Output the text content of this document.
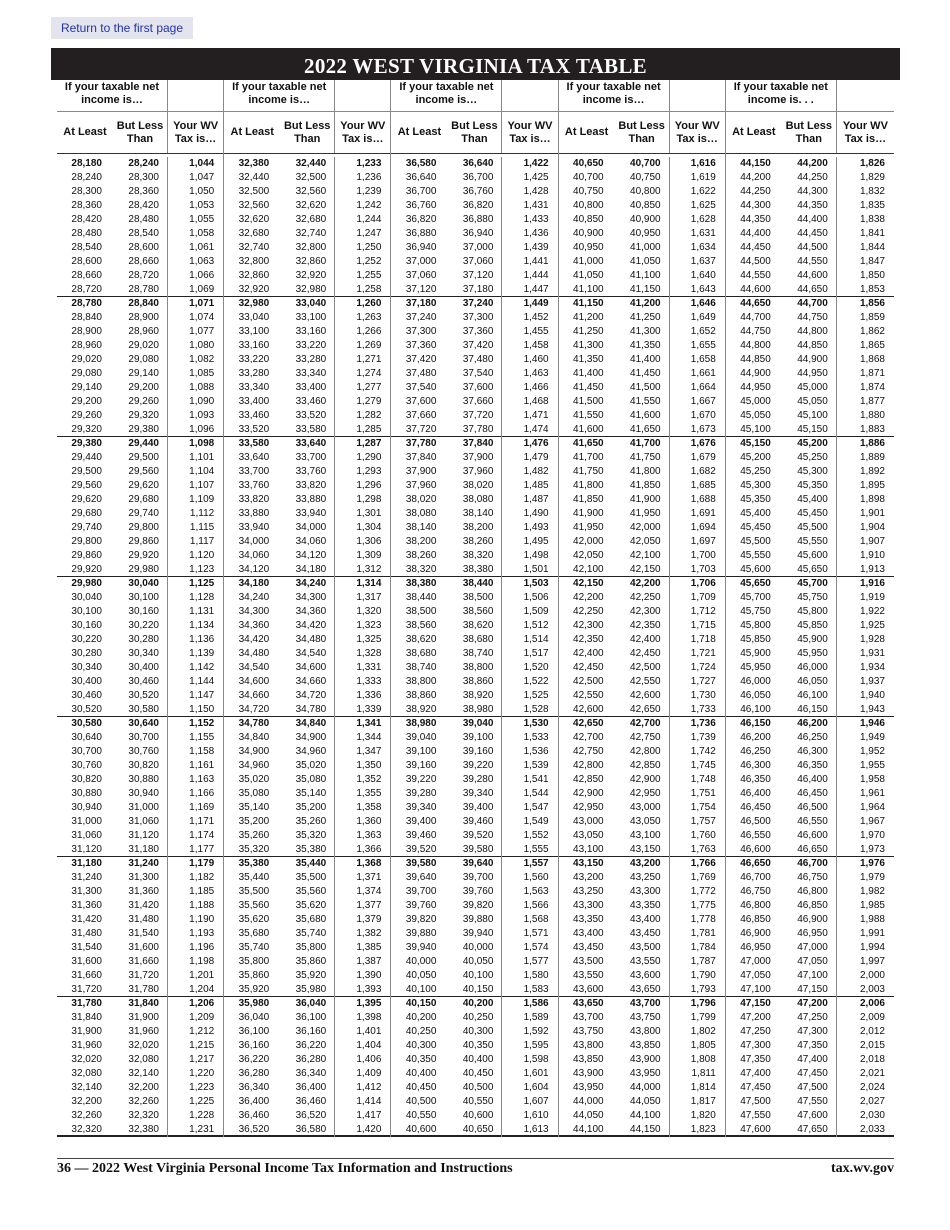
Return to the first page
2022 WEST VIRGINIA TAX TABLE
If your taxable net income is…
At Least
But Less Than
Your WV Tax is…
28,180	28,240	1,044
28,240	28,300	1,047
28,300	28,360	1,050
28,360	28,420	1,053
28,420	28,480	1,055
28,480	28,540	1,058
28,540	28,600	1,061
28,600	28,660	1,063
28,660	28,720	1,066
28,720	28,780	1,069
28,780	28,840	1,071
28,840	28,900	1,074
28,900	28,960	1,077
28,960	29,020	1,080
29,020	29,080	1,082
29,080	29,140	1,085
29,140	29,200	1,088
29,200	29,260	1,090
29,260	29,320	1,093
29,320	29,380	1,096
29,380	29,440	1,098
29,440	29,500	1,101
29,500	29,560	1,104
29,560	29,620	1,107
29,620	29,680	1,109
29,680	29,740	1,112
29,740	29,800	1,115
29,800	29,860	1,117
29,860	29,920	1,120
29,920	29,980	1,123
29,980	30,040	1,125
30,040	30,100	1,128
30,100	30,160	1,131
30,160	30,220	1,134
30,220	30,280	1,136
30,280	30,340	1,139
30,340	30,400	1,142
30,400	30,460	1,144
30,460	30,520	1,147
30,520	30,580	1,150
30,580	30,640	1,152
30,640	30,700	1,155
30,700	30,760	1,158
30,760	30,820	1,161
30,820	30,880	1,163
30,880	30,940	1,166
30,940	31,000	1,169
31,000	31,060	1,171
31,060	31,120	1,174
31,120	31,180	1,177
31,180	31,240	1,179
31,240	31,300	1,182
31,300	31,360	1,185
31,360	31,420	1,188
31,420	31,480	1,190
31,480	31,540	1,193
31,540	31,600	1,196
31,600	31,660	1,198
31,660	31,720	1,201
31,720	31,780	1,204
31,780	31,840	1,206
31,840	31,900	1,209
31,900	31,960	1,212
31,960	32,020	1,215
32,020	32,080	1,217
32,080	32,140	1,220
32,140	32,200	1,223
32,200	32,260	1,225
32,260	32,320	1,228
32,320	32,380	1,231
If your taxable net income is…
At Least
But Less Than
Your WV Tax is…
32,380	32,440	1,233
32,440	32,500	1,236
32,500	32,560	1,239
32,560	32,620	1,242
32,620	32,680	1,244
32,680	32,740	1,247
32,740	32,800	1,250
32,800	32,860	1,252
32,860	32,920	1,255
32,920	32,980	1,258
32,980	33,040	1,260
33,040	33,100	1,263
33,100	33,160	1,266
33,160	33,220	1,269
33,220	33,280	1,271
33,280	33,340	1,274
33,340	33,400	1,277
33,400	33,460	1,279
33,460	33,520	1,282
33,520	33,580	1,285
33,580	33,640	1,287
33,640	33,700	1,290
33,700	33,760	1,293
33,760	33,820	1,296
33,820	33,880	1,298
33,880	33,940	1,301
33,940	34,000	1,304
34,000	34,060	1,306
34,060	34,120	1,309
34,120	34,180	1,312
34,180	34,240	1,314
34,240	34,300	1,317
34,300	34,360	1,320
34,360	34,420	1,323
34,420	34,480	1,325
34,480	34,540	1,328
34,540	34,600	1,331
34,600	34,660	1,333
34,660	34,720	1,336
34,720	34,780	1,339
34,780	34,840	1,341
34,840	34,900	1,344
34,900	34,960	1,347
34,960	35,020	1,350
35,020	35,080	1,352
35,080	35,140	1,355
35,140	35,200	1,358
35,200	35,260	1,360
35,260	35,320	1,363
35,320	35,380	1,366
35,380	35,440	1,368
35,440	35,500	1,371
35,500	35,560	1,374
35,560	35,620	1,377
35,620	35,680	1,379
35,680	35,740	1,382
35,740	35,800	1,385
35,800	35,860	1,387
35,860	35,920	1,390
35,920	35,980	1,393
35,980	36,040	1,395
36,040	36,100	1,398
36,100	36,160	1,401
36,160	36,220	1,404
36,220	36,280	1,406
36,280	36,340	1,409
36,340	36,400	1,412
36,400	36,460	1,414
36,460	36,520	1,417
36,520	36,580	1,420
If your taxable net income is…
At Least
But Less Than
Your WV Tax is…
36,580	36,640	1,422
36,640	36,700	1,425
36,700	36,760	1,428
36,760	36,820	1,431
36,820	36,880	1,433
36,880	36,940	1,436
36,940	37,000	1,439
37,000	37,060	1,441
37,060	37,120	1,444
37,120	37,180	1,447
37,180	37,240	1,449
37,240	37,300	1,452
37,300	37,360	1,455
37,360	37,420	1,458
37,420	37,480	1,460
37,480	37,540	1,463
37,540	37,600	1,466
37,600	37,660	1,468
37,660	37,720	1,471
37,720	37,780	1,474
37,780	37,840	1,476
37,840	37,900	1,479
37,900	37,960	1,482
37,960	38,020	1,485
38,020	38,080	1,487
38,080	38,140	1,490
38,140	38,200	1,493
38,200	38,260	1,495
38,260	38,320	1,498
38,320	38,380	1,501
38,380	38,440	1,503
38,440	38,500	1,506
38,500	38,560	1,509
38,560	38,620	1,512
38,620	38,680	1,514
38,680	38,740	1,517
38,740	38,800	1,520
38,800	38,860	1,522
38,860	38,920	1,525
38,920	38,980	1,528
38,980	39,040	1,530
39,040	39,100	1,533
39,100	39,160	1,536
39,160	39,220	1,539
39,220	39,280	1,541
39,280	39,340	1,544
39,340	39,400	1,547
39,400	39,460	1,549
39,460	39,520	1,552
39,520	39,580	1,555
39,580	39,640	1,557
39,640	39,700	1,560
39,700	39,760	1,563
39,760	39,820	1,566
39,820	39,880	1,568
39,880	39,940	1,571
39,940	40,000	1,574
40,000	40,050	1,577
40,050	40,100	1,580
40,100	40,150	1,583
40,150	40,200	1,586
40,200	40,250	1,589
40,250	40,300	1,592
40,300	40,350	1,595
40,350	40,400	1,598
40,400	40,450	1,601
40,450	40,500	1,604
40,500	40,550	1,607
40,550	40,600	1,610
40,600	40,650	1,613
If your taxable net income is…
At Least
But Less Than
Your WV Tax is…
40,650	40,700	1,616
40,700	40,750	1,619
40,750	40,800	1,622
40,800	40,850	1,625
40,850	40,900	1,628
40,900	40,950	1,631
40,950	41,000	1,634
41,000	41,050	1,637
41,050	41,100	1,640
41,100	41,150	1,643
41,150	41,200	1,646
41,200	41,250	1,649
41,250	41,300	1,652
41,300	41,350	1,655
41,350	41,400	1,658
41,400	41,450	1,661
41,450	41,500	1,664
41,500	41,550	1,667
41,550	41,600	1,670
41,600	41,650	1,673
41,650	41,700	1,676
41,700	41,750	1,679
41,750	41,800	1,682
41,800	41,850	1,685
41,850	41,900	1,688
41,900	41,950	1,691
41,950	42,000	1,694
42,000	42,050	1,697
42,050	42,100	1,700
42,100	42,150	1,703
42,150	42,200	1,706
42,200	42,250	1,709
42,250	42,300	1,712
42,300	42,350	1,715
42,350	42,400	1,718
42,400	42,450	1,721
42,450	42,500	1,724
42,500	42,550	1,727
42,550	42,600	1,730
42,600	42,650	1,733
42,650	42,700	1,736
42,700	42,750	1,739
42,750	42,800	1,742
42,800	42,850	1,745
42,850	42,900	1,748
42,900	42,950	1,751
42,950	43,000	1,754
43,000	43,050	1,757
43,050	43,100	1,760
43,100	43,150	1,763
43,150	43,200	1,766
43,200	43,250	1,769
43,250	43,300	1,772
43,300	43,350	1,775
43,350	43,400	1,778
43,400	43,450	1,781
43,450	43,500	1,784
43,500	43,550	1,787
43,550	43,600	1,790
43,600	43,650	1,793
43,650	43,700	1,796
43,700	43,750	1,799
43,750	43,800	1,802
43,800	43,850	1,805
43,850	43,900	1,808
43,900	43,950	1,811
43,950	44,000	1,814
44,000	44,050	1,817
44,050	44,100	1,820
44,100	44,150	1,823
If your taxable net income is. . .
At Least
But Less Than
Your WV Tax is…
44,150	44,200	1,826
44,200	44,250	1,829
44,250	44,300	1,832
44,300	44,350	1,835
44,350	44,400	1,838
44,400	44,450	1,841
44,450	44,500	1,844
44,500	44,550	1,847
44,550	44,600	1,850
44,600	44,650	1,853
44,650	44,700	1,856
44,700	44,750	1,859
44,750	44,800	1,862
44,800	44,850	1,865
44,850	44,900	1,868
44,900	44,950	1,871
44,950	45,000	1,874
45,000	45,050	1,877
45,050	45,100	1,880
45,100	45,150	1,883
45,150	45,200	1,886
45,200	45,250	1,889
45,250	45,300	1,892
45,300	45,350	1,895
45,350	45,400	1,898
45,400	45,450	1,901
45,450	45,500	1,904
45,500	45,550	1,907
45,550	45,600	1,910
45,600	45,650	1,913
45,650	45,700	1,916
45,700	45,750	1,919
45,750	45,800	1,922
45,800	45,850	1,925
45,850	45,900	1,928
45,900	45,950	1,931
45,950	46,000	1,934
46,000	46,050	1,937
46,050	46,100	1,940
46,100	46,150	1,943
46,150	46,200	1,946
46,200	46,250	1,949
46,250	46,300	1,952
46,300	46,350	1,955
46,350	46,400	1,958
46,400	46,450	1,961
46,450	46,500	1,964
46,500	46,550	1,967
46,550	46,600	1,970
46,600	46,650	1,973
46,650	46,700	1,976
46,700	46,750	1,979
46,750	46,800	1,982
46,800	46,850	1,985
46,850	46,900	1,988
46,900	46,950	1,991
46,950	47,000	1,994
47,000	47,050	1,997
47,050	47,100	2,000
47,100	47,150	2,003
47,150	47,200	2,006
47,200	47,250	2,009
47,250	47,300	2,012
47,300	47,350	2,015
47,350	47,400	2,018
47,400	47,450	2,021
47,450	47,500	2,024
47,500	47,550	2,027
47,550	47,600	2,030
47,600	47,650	2,033
36 — 2022 West Virginia Personal Income Tax Information and Instructions	tax.wv.gov
